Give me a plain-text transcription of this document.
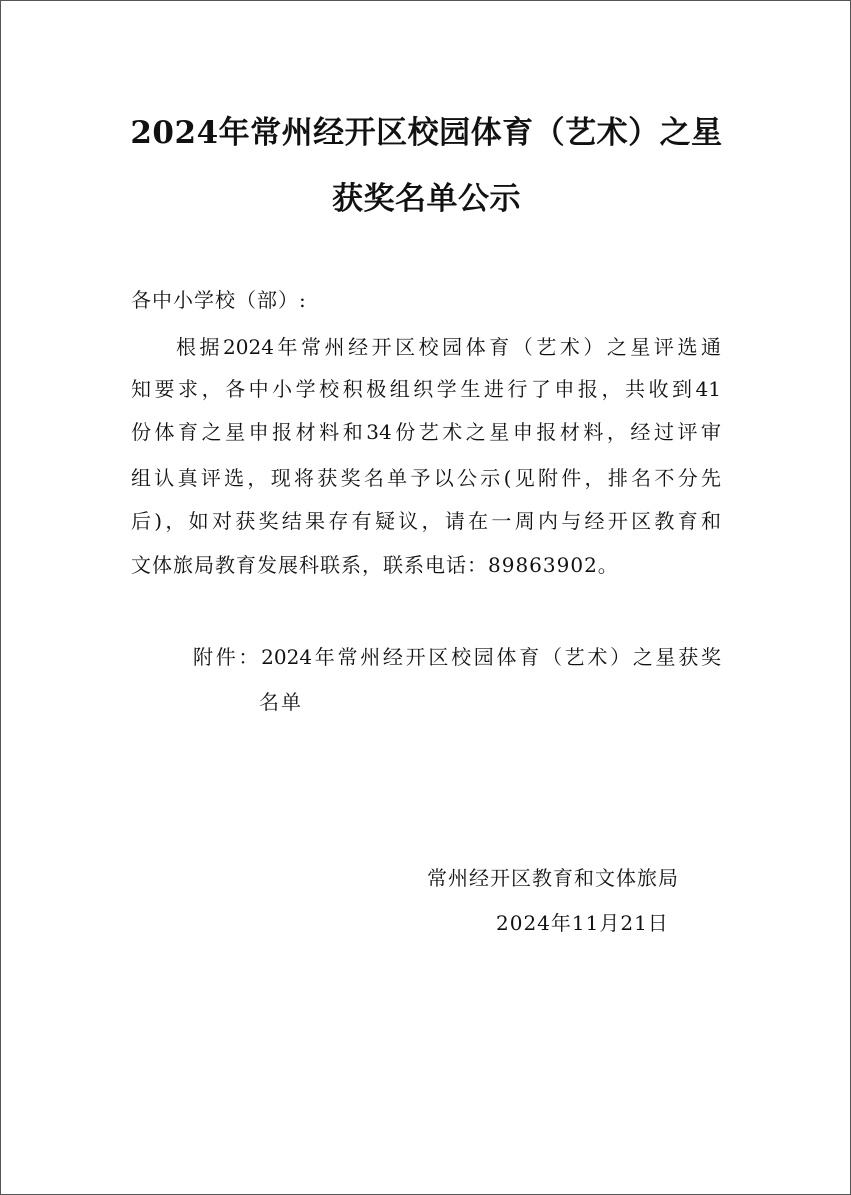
2024年常州经开区校园体育（艺术）之星
获奖名单公示
各中小学校（部）:
根据2024年常州经开区校园体育（艺术）之星评选通
知要求，各中小学校积极组织学生进行了申报，共收到41
份体育之星申报材料和34份艺术之星申报材料，经过评审
组认真评选，现将获奖名单予以公示(见附件，排名不分先
后)，如对获奖结果存有疑议，请在一周内与经开区教育和
文体旅局教育发展科联系，联系电话：89863902。
附件：2024年常州经开区校园体育（艺术）之星获奖
名单
常州经开区教育和文体旅局
2024年11月21日
